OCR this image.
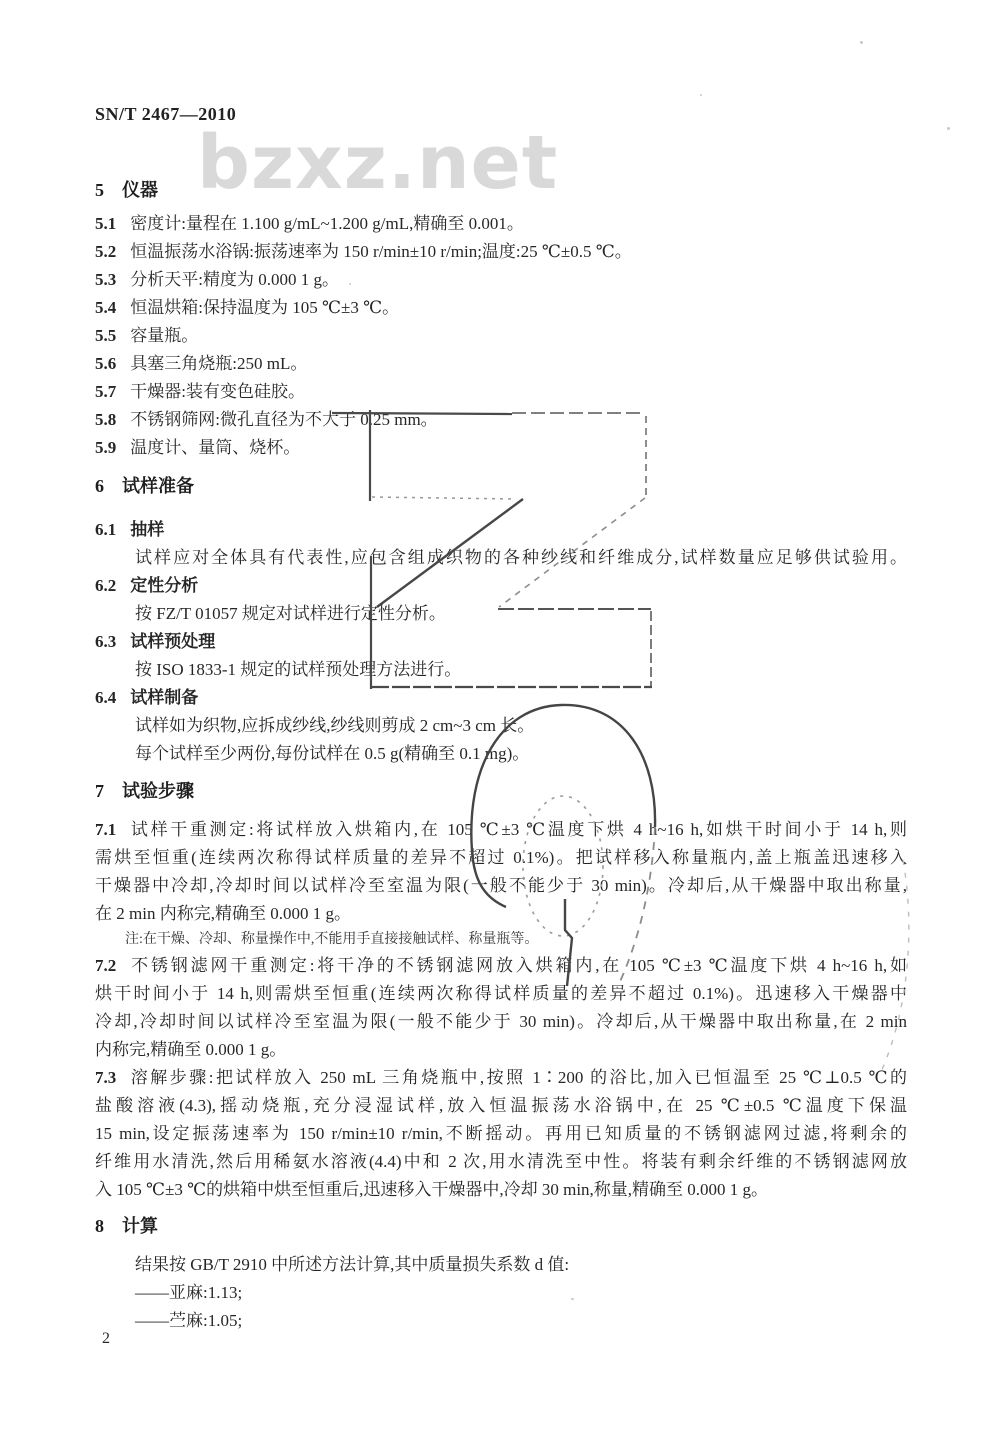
SN/T 2467—2010
bzxz.net
5 仪器
5.1 密度计:量程在 1.100 g/mL~1.200 g/mL,精确至 0.001。
5.2 恒温振荡水浴锅:振荡速率为 150 r/min±10 r/min;温度:25 ℃±0.5 ℃。
5.3 分析天平:精度为 0.000 1 g。
5.4 恒温烘箱:保持温度为 105 ℃±3 ℃。
5.5 容量瓶。
5.6 具塞三角烧瓶:250 mL。
5.7 干燥器:装有变色硅胶。
5.8 不锈钢筛网:微孔直径为不大于 0.25 mm。
5.9 温度计、量筒、烧杯。
6 试样准备
6.1 抽样
试样应对全体具有代表性,应包含组成织物的各种纱线和纤维成分,试样数量应足够供试验用。
6.2 定性分析
按 FZ/T 01057 规定对试样进行定性分析。
6.3 试样预处理
按 ISO 1833-1 规定的试样预处理方法进行。
6.4 试样制备
试样如为织物,应拆成纱线,纱线则剪成 2 cm~3 cm 长。
每个试样至少两份,每份试样在 0.5 g(精确至 0.1 mg)。
7 试验步骤
7.1 试样干重测定:将试样放入烘箱内,在 105 ℃±3 ℃温度下烘 4 h~16 h,如烘干时间小于 14 h,则
需烘至恒重(连续两次称得试样质量的差异不超过 0.1%)。把试样移入称量瓶内,盖上瓶盖迅速移入
干燥器中冷却,冷却时间以试样冷至室温为限(一般不能少于 30 min)。冷却后,从干燥器中取出称量,
在 2 min 内称完,精确至 0.000 1 g。
注:在干燥、冷却、称量操作中,不能用手直接接触试样、称量瓶等。
7.2 不锈钢滤网干重测定:将干净的不锈钢滤网放入烘箱内,在 105 ℃±3 ℃温度下烘 4 h~16 h,如
烘干时间小于 14 h,则需烘至恒重(连续两次称得试样质量的差异不超过 0.1%)。迅速移入干燥器中
冷却,冷却时间以试样冷至室温为限(一般不能少于 30 min)。冷却后,从干燥器中取出称量,在 2 min
内称完,精确至 0.000 1 g。
7.3 溶解步骤:把试样放入 250 mL 三角烧瓶中,按照 1∶200 的浴比,加入已恒温至 25 ℃⊥0.5 ℃的
盐酸溶液(4.3),摇动烧瓶,充分浸湿试样,放入恒温振荡水浴锅中,在 25 ℃±0.5 ℃温度下保温
15 min,设定振荡速率为 150 r/min±10 r/min,不断摇动。再用已知质量的不锈钢滤网过滤,将剩余的
纤维用水清洗,然后用稀氨水溶液(4.4)中和 2 次,用水清洗至中性。将装有剩余纤维的不锈钢滤网放
入 105 ℃±3 ℃的烘箱中烘至恒重后,迅速移入干燥器中,冷却 30 min,称量,精确至 0.000 1 g。
8 计算
结果按 GB/T 2910 中所述方法计算,其中质量损失系数 d 值:
——亚麻:1.13;
——苎麻:1.05;
2
